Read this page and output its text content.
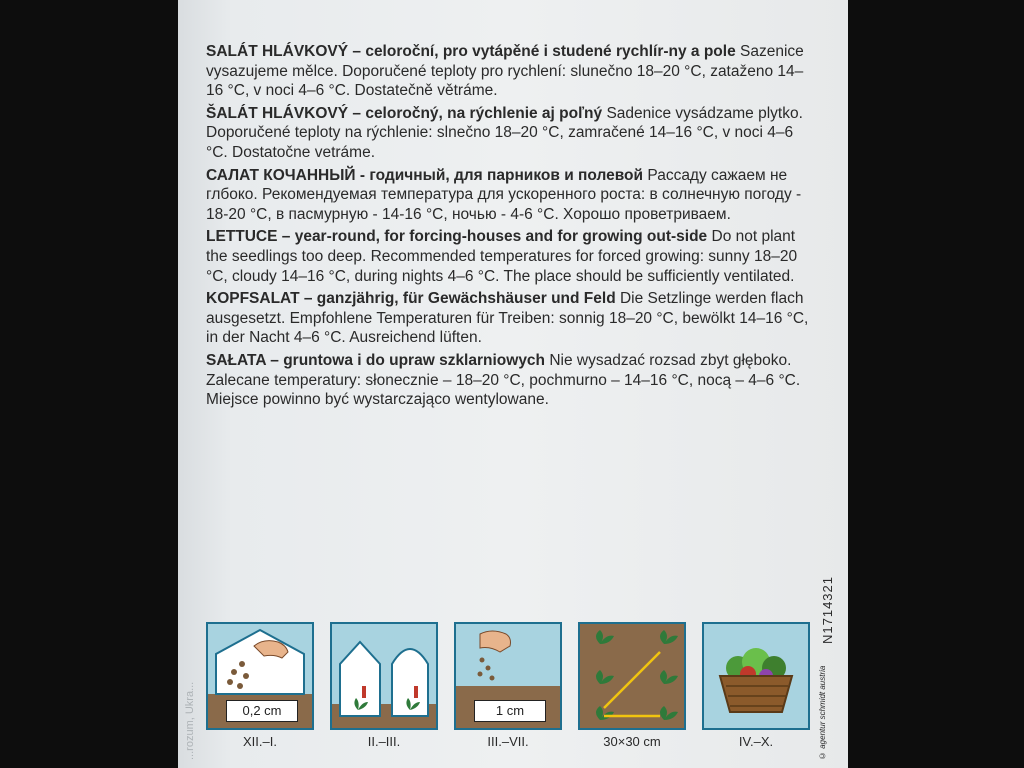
...rozum, Ukra...

SALÁT HLÁVKOVÝ – celoroční, pro vytápěné i studené rychlír-ny a pole Sazenice vysazujeme mělce. Doporučené teploty pro rychlení: slunečno 18–20 °C, zataženo 14–16 °C, v noci 4–6 °C. Dostatečně větráme.

ŠALÁT HLÁVKOVÝ – celoročný, na rýchlenie aj poľný Sadenice vysádzame plytko. Doporučené teploty na rýchlenie: slnečno 18–20 °C, zamračené 14–16 °C, v noci 4–6 °C. Dostatočne vetráme.

САЛАТ КОЧАННЫЙ - годичный, для парников и полевой Рассаду сажаем не глбоко. Рекомендуемая температура для ускоренного роста: в солнечную погоду - 18-20 °С, в пасмурную - 14-16 °С, ночью - 4-6 °С. Хорошо проветриваем.

LETTUCE – year-round, for forcing-houses and for growing out-side Do not plant the seedlings too deep. Recommended temperatures for forced growing: sunny 18–20 °C, cloudy 14–16 °C, during nights 4–6 °C. The place should be sufficiently ventilated.

KOPFSALAT – ganzjährig, für Gewächshäuser und Feld Die Setzlinge werden flach ausgesetzt. Empfohlene Temperaturen für Treiben: sonnig 18–20 °C, bewölkt 14–16 °C, in der Nacht 4–6 °C. Ausreichend lüften.

SAŁATA – gruntowa i do upraw szklarniowych Nie wysadzać rozsad zbyt głęboko. Zalecane temperatury: słonecznie – 18–20 °C, pochmurno – 14–16 °C, nocą – 4–6 °C. Miejsce powinno być wystarczająco wentylowane.

N1714321
© agentur schmidt austria
0,2 cm
XII.–I.	II.–III.
1 cm
III.–VII.	30×30 cm	IV.–X.
